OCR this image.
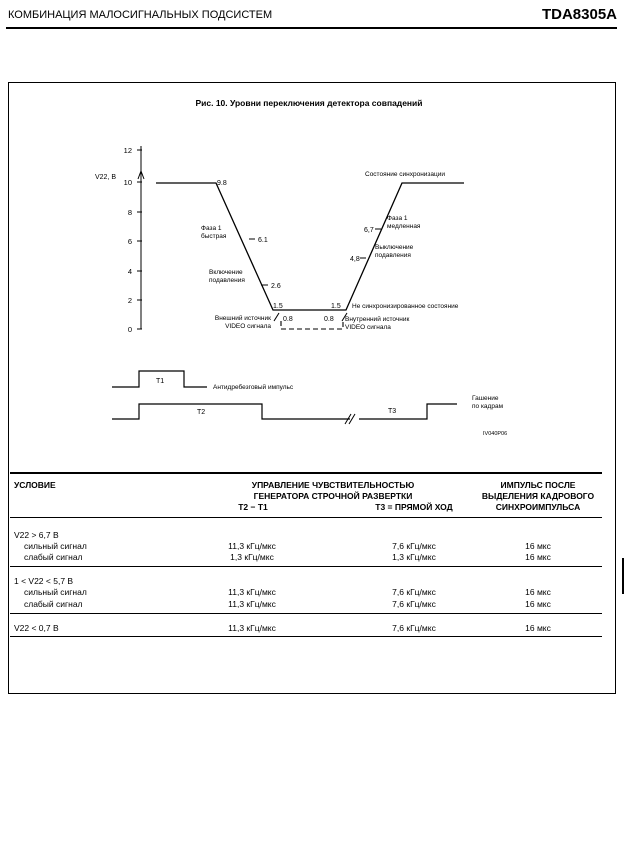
КОМБИНАЦИЯ МАЛОСИГНАЛЬНЫХ ПОДСИСТЕМ	TDA8305A
Рис. 10. Уровни переключения детектора совпадений
12
10
8
6
4
2
0
V22, В
9.8
6.1
2.6
1.5
0.8
1.5
0.8
4,8
6,7
Фаза 1
быстрая
Включение
подавления
Внешний источник
VIDEO сигнала
Состояние синхронизации
Фаза 1
медленная
Выключение
подавления
Не синхронизированное состояние
Внутренний источник
VIDEO сигнала
T1
Антидребезговый импульс
T2	T3
Гашение
по кадрам
IV040P06
УСЛОВИЕ	УПРАВЛЕНИЕ ЧУВСТВИТЕЛЬНОСТЬЮ
ГЕНЕРАТОРА СТРОЧНОЙ РАЗВЕРТКИ
T2 − T1	T3 = ПРЯМОЙ ХОД
ИМПУЛЬС ПОСЛЕ
ВЫДЕЛЕНИЯ КАДРОВОГО
СИНХРОИМПУЛЬСА
V22 > 6,7 В
сильный сигнал	11,3 кГц/мкс	7,6 кГц/мкс	16 мкс
слабый сигнал	1,3 кГц/мкс	1,3 кГц/мкс	16 мкс
1 < V22 < 5,7 В
сильный сигнал	11,3 кГц/мкс	7,6 кГц/мкс	16 мкс
слабый сигнал	11,3 кГц/мкс	7,6 кГц/мкс	16 мкс
V22 < 0,7 В	11,3 кГц/мкс	7,6 кГц/мкс	16 мкс
